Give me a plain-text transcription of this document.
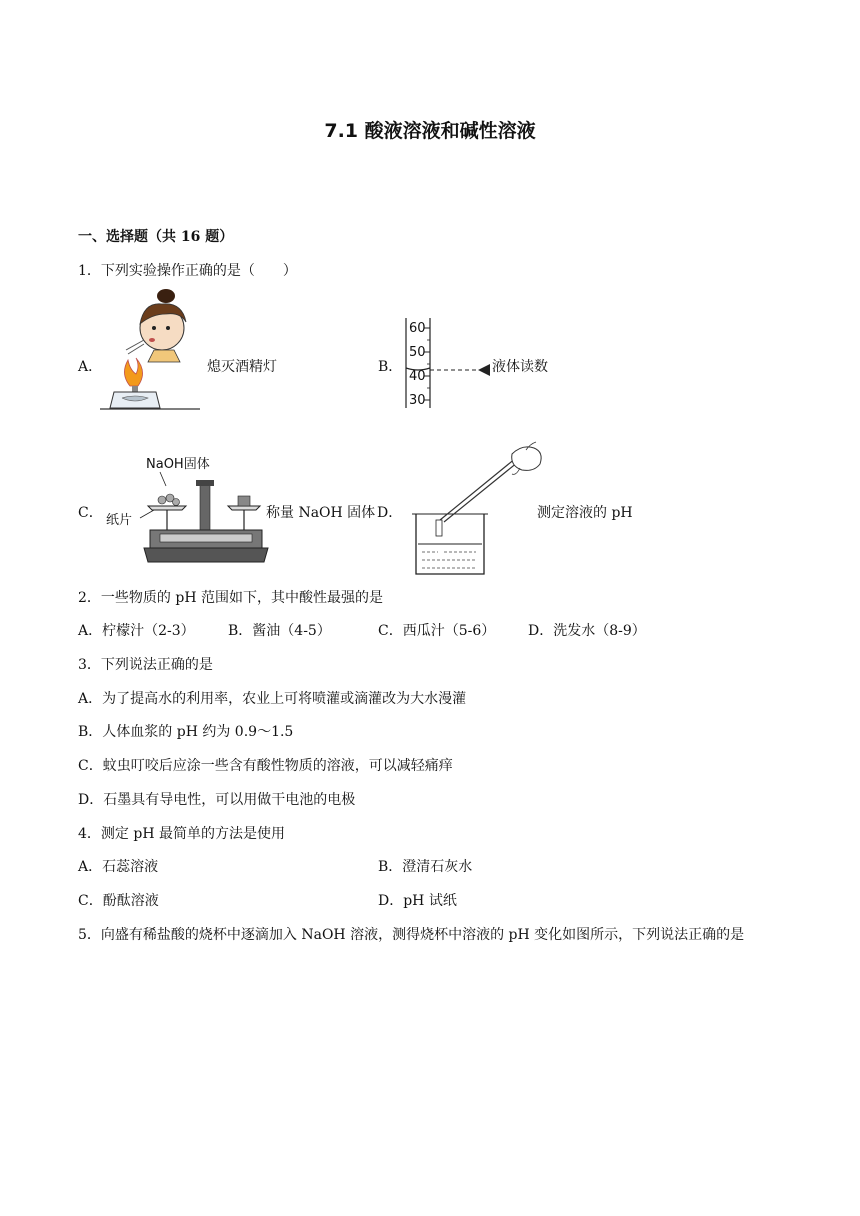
7.1 酸液溶液和碱性溶液
一、选择题（共 16 题）
1．下列实验操作正确的是（　　）
A．	熄灭酒精灯	B．
60
50
40
30
液体读数
C．
NaOH固体
纸片	称量 NaOH 固体 D．	测定溶液的 pH
2．一些物质的 pH 范围如下，其中酸性最强的是
A．柠檬汁（2-3） B．酱油（4-5）	C．西瓜汁（5-6） D．洗发水（8-9）
3．下列说法正确的是
A．为了提高水的利用率，农业上可将喷灌或滴灌改为大水漫灌
B．人体血浆的 pH 约为 0.9～1.5
C．蚊虫叮咬后应涂一些含有酸性物质的溶液，可以减轻痛痒
D．石墨具有导电性，可以用做干电池的电极
4．测定 pH 最简单的方法是使用
A．石蕊溶液	B．澄清石灰水
C．酚酞溶液	D．pH 试纸
5．向盛有稀盐酸的烧杯中逐滴加入 NaOH 溶液，测得烧杯中溶液的 pH 变化如图所示，下列说法正确的是
